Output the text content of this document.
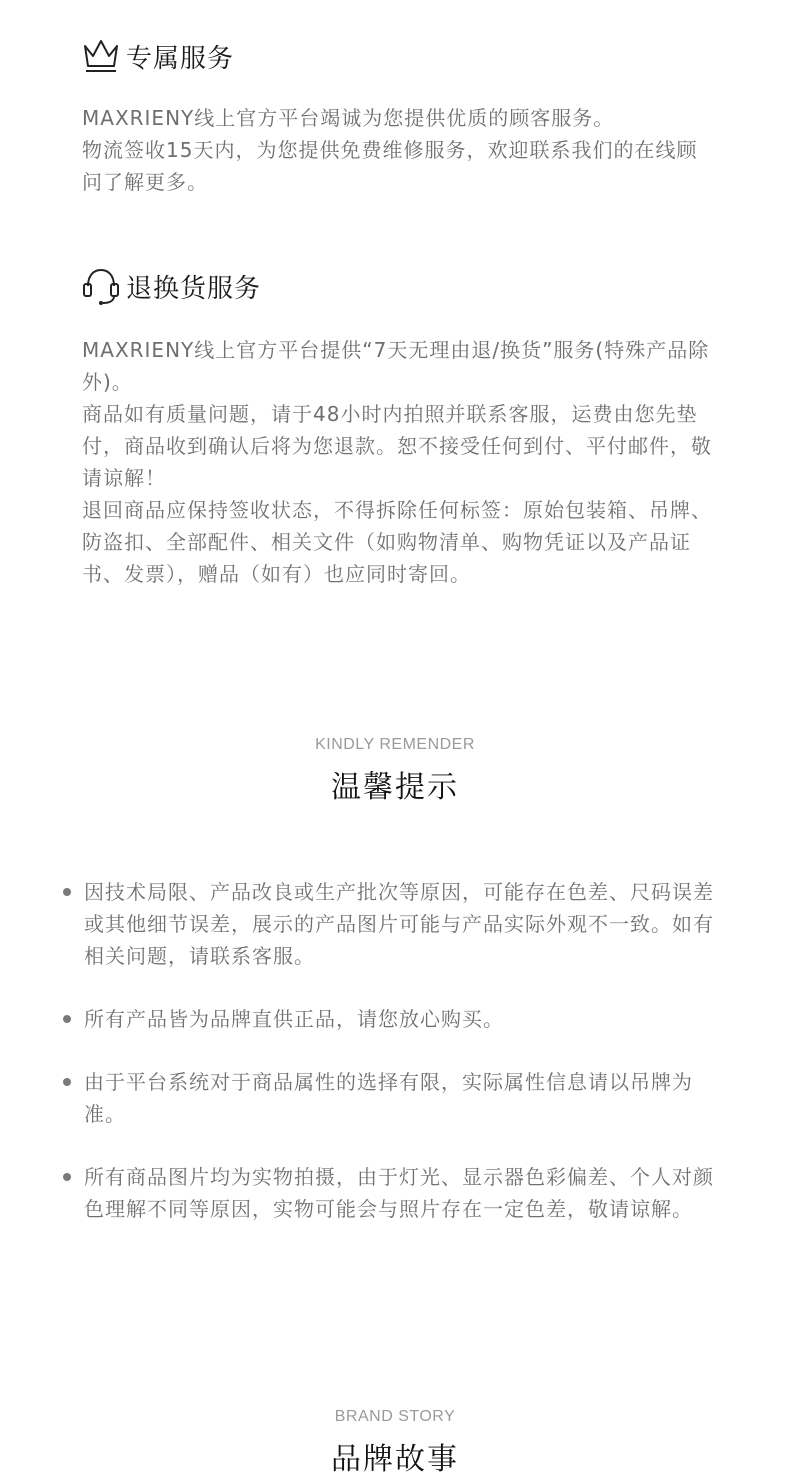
专属服务

MAXRIENY线上官方平台竭诚为您提供优质的顾客服务。

物流签收15天内，为您提供免费维修服务，欢迎联系我们的在线顾问了解更多。

退换货服务

MAXRIENY线上官方平台提供“7天无理由退/换货”服务(特殊产品除外)。

商品如有质量问题，请于48小时内拍照并联系客服，运费由您先垫付，商品收到确认后将为您退款。恕不接受任何到付、平付邮件，敬请谅解！

退回商品应保持签收状态，不得拆除任何标签：原始包装箱、吊牌、防盗扣、全部配件、相关文件（如购物清单、购物凭证以及产品证书、发票），赠品（如有）也应同时寄回。

KINDLY REMENDER
温馨提示
因技术局限、产品改良或生产批次等原因，可能存在色差、尺码误差或其他细节误差，展示的产品图片可能与产品实际外观不一致。如有相关问题，请联系客服。
所有产品皆为品牌直供正品，请您放心购买。
由于平台系统对于商品属性的选择有限，实际属性信息请以吊牌为准。
所有商品图片均为实物拍摄，由于灯光、显示器色彩偏差、个人对颜色理解不同等原因，实物可能会与照片存在一定色差，敬请谅解。
BRAND STORY
品牌故事
